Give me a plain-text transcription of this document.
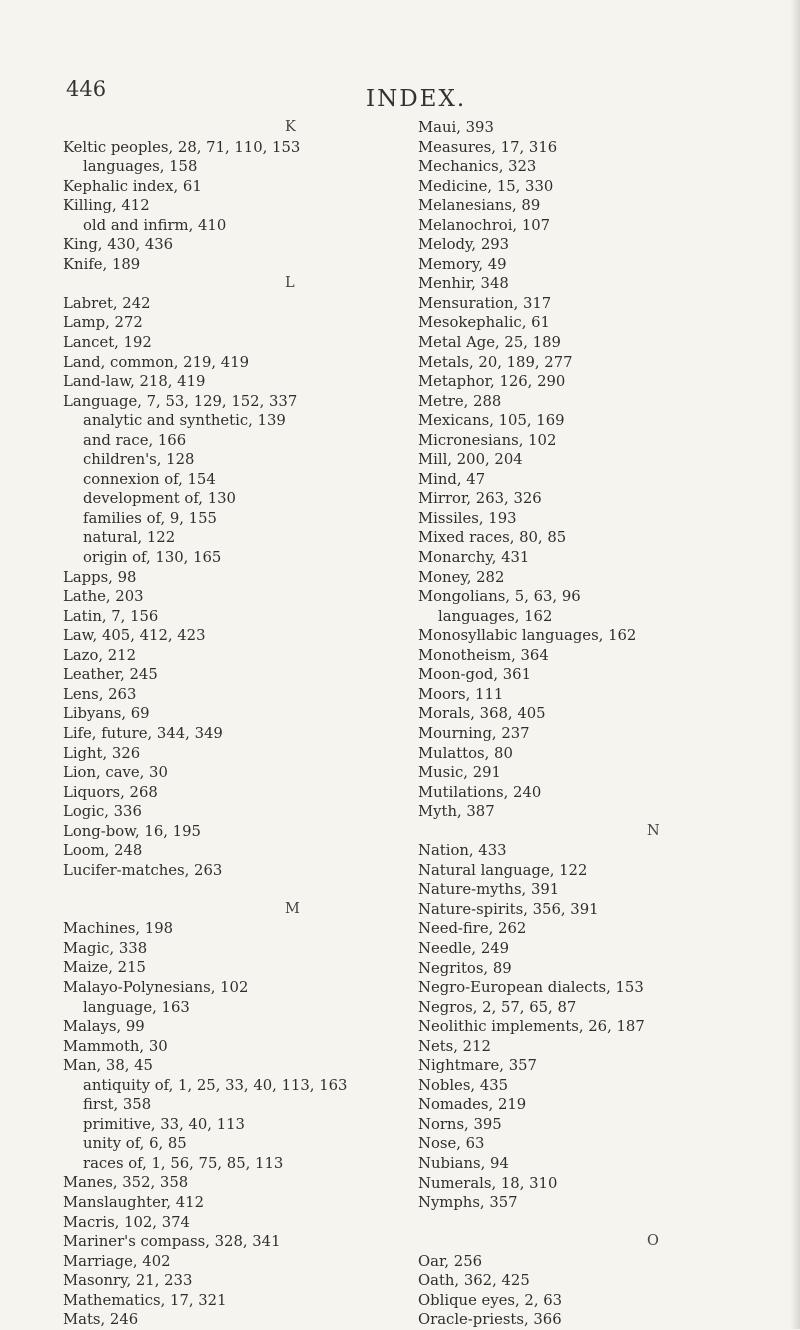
446	INDEX.
K
Keltic peoples, 28, 71, 110, 153
languages, 158
Kephalic index, 61
Killing, 412
old and infirm, 410
King, 430, 436
Knife, 189
L
Labret, 242
Lamp, 272
Lancet, 192
Land, common, 219, 419
Land-law, 218, 419
Language, 7, 53, 129, 152, 337
analytic and synthetic, 139
and race, 166
children's, 128
connexion of, 154
development of, 130
families of, 9, 155
natural, 122
origin of, 130, 165
Lapps, 98
Lathe, 203
Latin, 7, 156
Law, 405, 412, 423
Lazo, 212
Leather, 245
Lens, 263
Libyans, 69
Life, future, 344, 349
Light, 326
Lion, cave, 30
Liquors, 268
Logic, 336
Long-bow, 16, 195
Loom, 248
Lucifer-matches, 263
M
Machines, 198
Magic, 338
Maize, 215
Malayo-Polynesians, 102
language, 163
Malays, 99
Mammoth, 30
Man, 38, 45
antiquity of, 1, 25, 33, 40, 113, 163
first, 358
primitive, 33, 40, 113
unity of, 6, 85
races of, 1, 56, 75, 85, 113
Manes, 352, 358
Manslaughter, 412
Macris, 102, 374
Mariner's compass, 328, 341
Marriage, 402
Masonry, 21, 233
Mathematics, 17, 321
Mats, 246
Maui, 393
Measures, 17, 316
Mechanics, 323
Medicine, 15, 330
Melanesians, 89
Melanochroi, 107
Melody, 293
Memory, 49
Menhir, 348
Mensuration, 317
Mesokephalic, 61
Metal Age, 25, 189
Metals, 20, 189, 277
Metaphor, 126, 290
Metre, 288
Mexicans, 105, 169
Micronesians, 102
Mill, 200, 204
Mind, 47
Mirror, 263, 326
Missiles, 193
Mixed races, 80, 85
Monarchy, 431
Money, 282
Mongolians, 5, 63, 96
languages, 162
Monosyllabic languages, 162
Monotheism, 364
Moon-god, 361
Moors, 111
Morals, 368, 405
Mourning, 237
Mulattos, 80
Music, 291
Mutilations, 240
Myth, 387
N
Nation, 433
Natural language, 122
Nature-myths, 391
Nature-spirits, 356, 391
Need-fire, 262
Needle, 249
Negritos, 89
Negro-European dialects, 153
Negros, 2, 57, 65, 87
Neolithic implements, 26, 187
Nets, 212
Nightmare, 357
Nobles, 435
Nomades, 219
Norns, 395
Nose, 63
Nubians, 94
Numerals, 18, 310
Nymphs, 357
O
Oar, 256
Oath, 362, 425
Oblique eyes, 2, 63
Oracle-priests, 366
